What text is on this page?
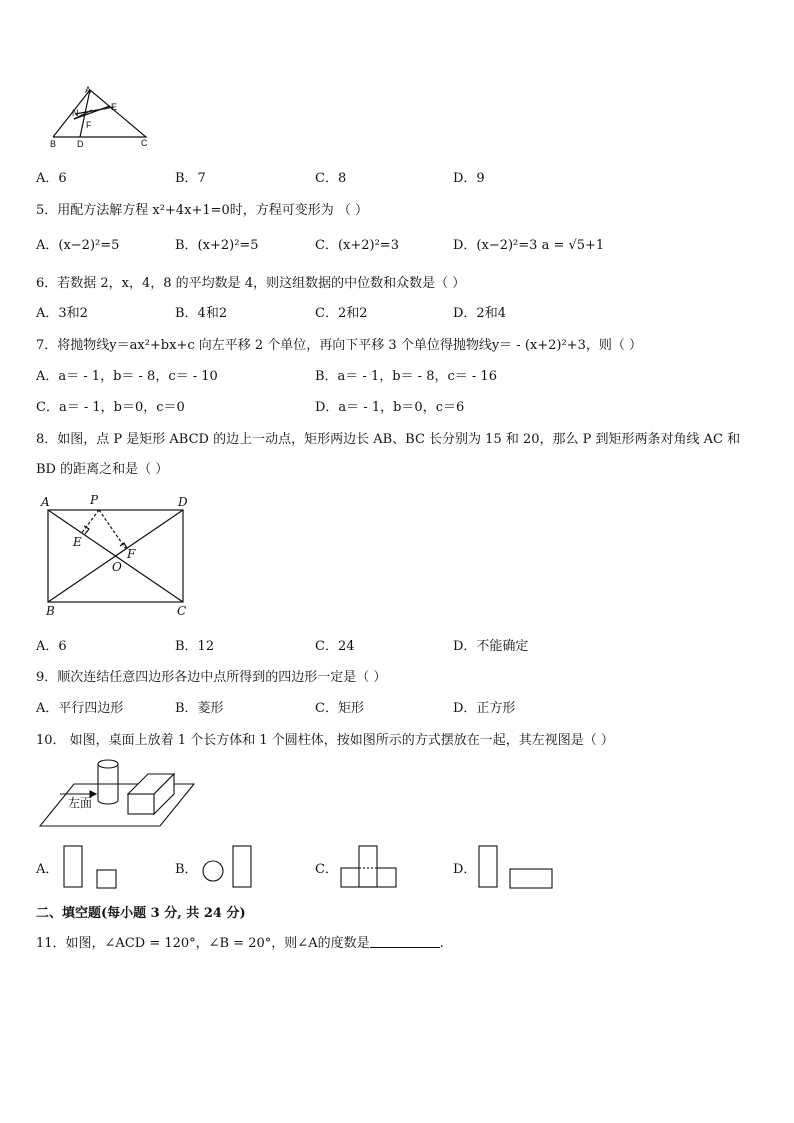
A
N
E
F
B D	C
A．6	B．7	C．8	D．9
5．用配方法解方程 x²+4x+1=0时，方程可变形为 （ ）
A．(x−2)²=5	B．(x+2)²=5	C．(x+2)²=3	D．(x−2)²=3 a = √5+1
6．若数据 2，x，4，8 的平均数是 4，则这组数据的中位数和众数是（ ）
A．3和2	B．4和2	C．2和2	D．2和4
7．将抛物线y＝ax²+bx+c 向左平移 2 个单位，再向下平移 3 个单位得抛物线y＝ - (x+2)²+3，则（ ）
A．a＝ - 1，b＝ - 8，c＝ - 10	B．a＝ - 1，b＝ - 8，c＝ - 16
C．a＝ - 1，b＝0，c＝0	D．a＝ - 1，b＝0，c＝6
8．如图，点 P 是矩形 ABCD 的边上一动点，矩形两边长 AB、BC 长分别为 15 和 20，那么 P 到矩形两条对角线 AC 和
BD 的距离之和是（ ）
A	P	D
E
F
O
B	C
A．6	B．12	C．24	D．不能确定
9．顺次连结任意四边形各边中点所得到的四边形一定是（ ）
A．平行四边形	B．菱形	C．矩形	D．正方形
10． 如图，桌面上放着 1 个长方体和 1 个圆柱体，按如图所示的方式摆放在一起，其左视图是（ ）
左面
A．	B．	C．	D．
二、填空题(每小题 3 分, 共 24 分)
11．如图，∠ACD = 120°，∠B = 20°，则∠A的度数是	.
